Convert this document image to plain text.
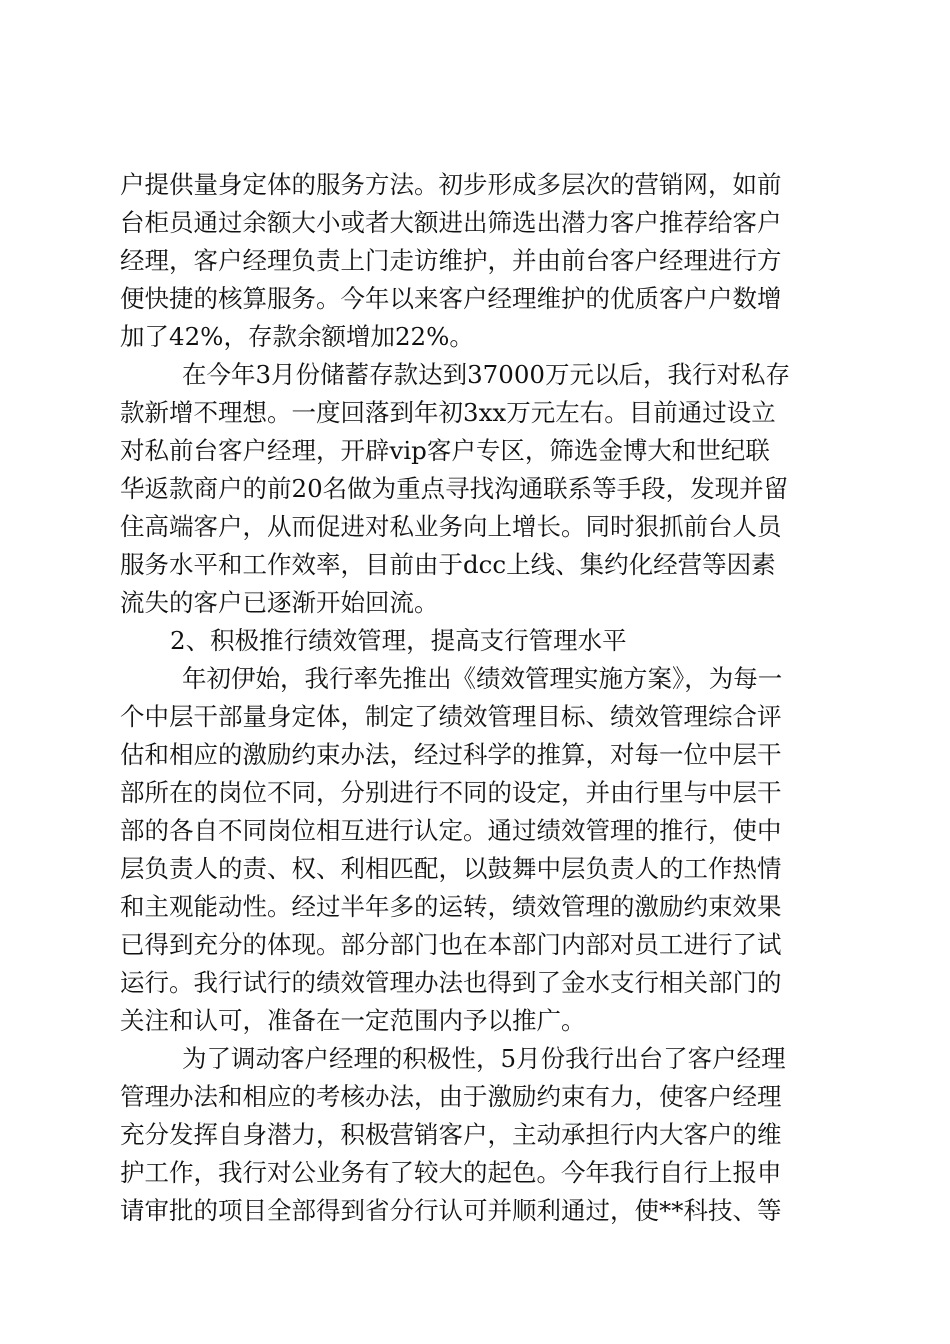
户提供量身定体的服务方法。初步形成多层次的营销网，如前
台柜员通过余额大小或者大额进出筛选出潜力客户推荐给客户
经理，客户经理负责上门走访维护，并由前台客户经理进行方
便快捷的核算服务。今年以来客户经理维护的优质客户户数增
加了42%，存款余额增加22%。
在今年3月份储蓄存款达到37000万元以后，我行对私存
款新增不理想。一度回落到年初3xx万元左右。目前通过设立
对私前台客户经理，开辟vip客户专区，筛选金博大和世纪联
华返款商户的前20名做为重点寻找沟通联系等手段，发现并留
住高端客户，从而促进对私业务向上增长。同时狠抓前台人员
服务水平和工作效率，目前由于dcc上线、集约化经营等因素
流失的客户已逐渐开始回流。
2、积极推行绩效管理，提高支行管理水平
年初伊始，我行率先推出《绩效管理实施方案》，为每一
个中层干部量身定体，制定了绩效管理目标、绩效管理综合评
估和相应的激励约束办法，经过科学的推算，对每一位中层干
部所在的岗位不同，分别进行不同的设定，并由行里与中层干
部的各自不同岗位相互进行认定。通过绩效管理的推行，使中
层负责人的责、权、利相匹配，以鼓舞中层负责人的工作热情
和主观能动性。经过半年多的运转，绩效管理的激励约束效果
已得到充分的体现。部分部门也在本部门内部对员工进行了试
运行。我行试行的绩效管理办法也得到了金水支行相关部门的
关注和认可，准备在一定范围内予以推广。
为了调动客户经理的积极性，5月份我行出台了客户经理
管理办法和相应的考核办法，由于激励约束有力，使客户经理
充分发挥自身潜力，积极营销客户，主动承担行内大客户的维
护工作，我行对公业务有了较大的起色。今年我行自行上报申
请审批的项目全部得到省分行认可并顺利通过，使**科技、等
